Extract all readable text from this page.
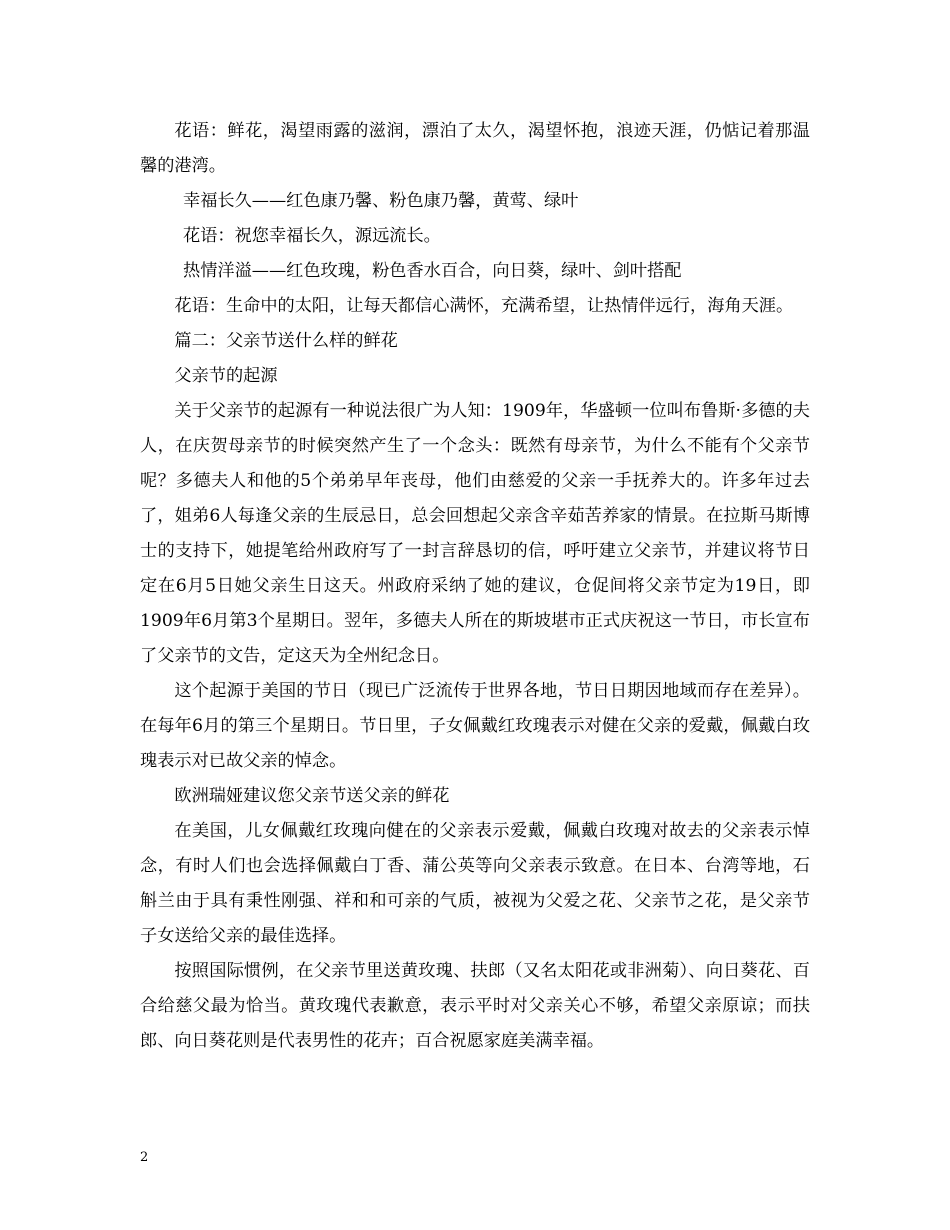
花语：鲜花，渴望雨露的滋润，漂泊了太久，渴望怀抱，浪迹天涯，仍惦记着那温馨的港湾。

幸福长久——红色康乃馨、粉色康乃馨，黄莺、绿叶

花语：祝您幸福长久，源远流长。

热情洋溢——红色玫瑰，粉色香水百合，向日葵，绿叶、剑叶搭配

花语：生命中的太阳，让每天都信心满怀，充满希望，让热情伴远行，海角天涯。

篇二：父亲节送什么样的鲜花

父亲节的起源

关于父亲节的起源有一种说法很广为人知：1909年，华盛顿一位叫布鲁斯·多德的夫人，在庆贺母亲节的时候突然产生了一个念头：既然有母亲节，为什么不能有个父亲节呢？多德夫人和他的5个弟弟早年丧母，他们由慈爱的父亲一手抚养大的。许多年过去了，姐弟6人每逢父亲的生辰忌日，总会回想起父亲含辛茹苦养家的情景。在拉斯马斯博士的支持下，她提笔给州政府写了一封言辞恳切的信，呼吁建立父亲节，并建议将节日定在6月5日她父亲生日这天。州政府采纳了她的建议，仓促间将父亲节定为19日，即1909年6月第3个星期日。翌年，多德夫人所在的斯坡堪市正式庆祝这一节日，市长宣布了父亲节的文告，定这天为全州纪念日。

这个起源于美国的节日（现已广泛流传于世界各地，节日日期因地域而存在差异）。在每年6月的第三个星期日。节日里，子女佩戴红玫瑰表示对健在父亲的爱戴，佩戴白玫瑰表示对已故父亲的悼念。

欧洲瑞娅建议您父亲节送父亲的鲜花

在美国，儿女佩戴红玫瑰向健在的父亲表示爱戴，佩戴白玫瑰对故去的父亲表示悼念，有时人们也会选择佩戴白丁香、蒲公英等向父亲表示致意。在日本、台湾等地，石斛兰由于具有秉性刚强、祥和和可亲的气质，被视为父爱之花、父亲节之花，是父亲节子女送给父亲的最佳选择。

按照国际惯例，在父亲节里送黄玫瑰、扶郎（又名太阳花或非洲菊）、向日葵花、百合给慈父最为恰当。黄玫瑰代表歉意，表示平时对父亲关心不够，希望父亲原谅；而扶郎、向日葵花则是代表男性的花卉；百合祝愿家庭美满幸福。

2
